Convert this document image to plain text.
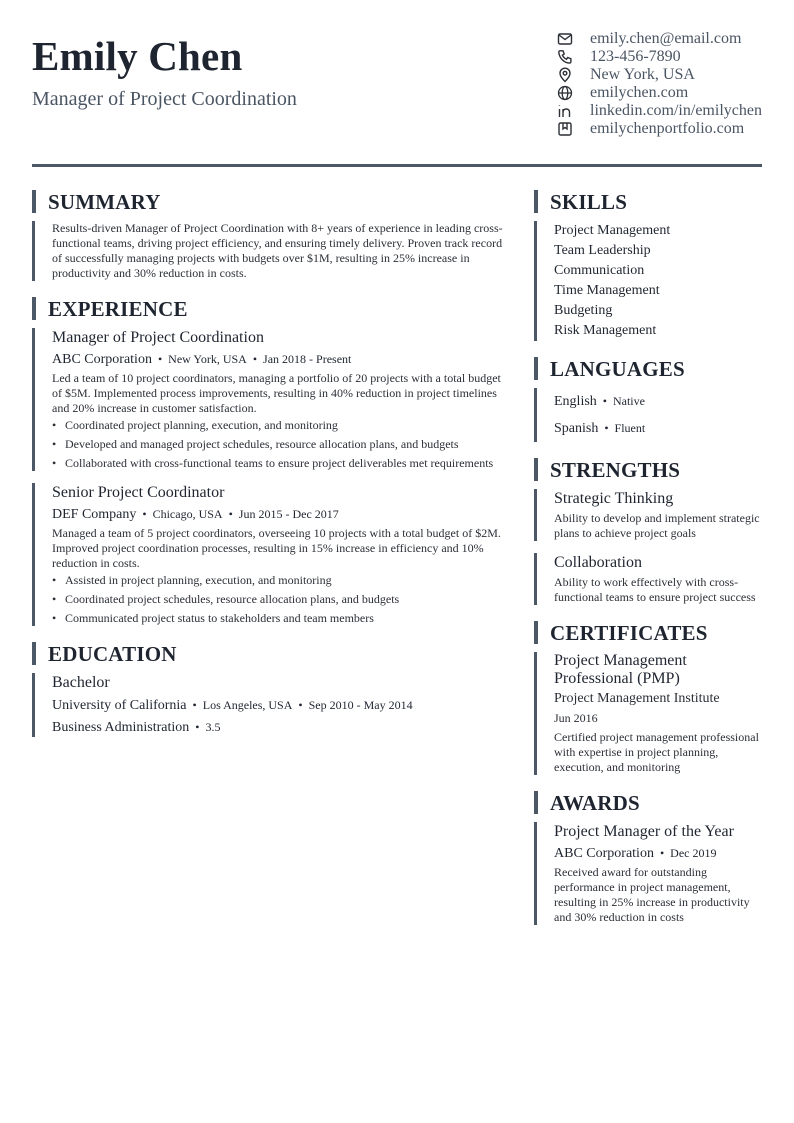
Emily Chen
Manager of Project Coordination
emily.chen@email.com
123-456-7890
New York, USA
emilychen.com
linkedin.com/in/emilychen
emilychenportfolio.com
SUMMARY
Results-driven Manager of Project Coordination with 8+ years of experience in leading cross-functional teams, driving project efficiency, and ensuring timely delivery. Proven track record of successfully managing projects with budgets over $1M, resulting in 25% increase in productivity and 30% reduction in costs.
EXPERIENCE
Manager of Project Coordination
ABC Corporation • New York, USA • Jan 2018 - Present
Led a team of 10 project coordinators, managing a portfolio of 20 projects with a total budget of $5M. Implemented process improvements, resulting in 40% reduction in project timelines and 20% increase in customer satisfaction.
• Coordinated project planning, execution, and monitoring
• Developed and managed project schedules, resource allocation plans, and budgets
• Collaborated with cross-functional teams to ensure project deliverables met requirements
Senior Project Coordinator
DEF Company • Chicago, USA • Jun 2015 - Dec 2017
Managed a team of 5 project coordinators, overseeing 10 projects with a total budget of $2M. Improved project coordination processes, resulting in 15% increase in efficiency and 10% reduction in costs.
• Assisted in project planning, execution, and monitoring
• Coordinated project schedules, resource allocation plans, and budgets
• Communicated project status to stakeholders and team members
EDUCATION
Bachelor
University of California • Los Angeles, USA • Sep 2010 - May 2014
Business Administration • 3.5
SKILLS
Project Management
Team Leadership
Communication
Time Management
Budgeting
Risk Management
LANGUAGES
English • Native
Spanish • Fluent
STRENGTHS
Strategic Thinking
Ability to develop and implement strategic plans to achieve project goals
Collaboration
Ability to work effectively with cross-functional teams to ensure project success
CERTIFICATES
Project Management Professional (PMP)
Project Management Institute
Jun 2016
Certified project management professional with expertise in project planning, execution, and monitoring
AWARDS
Project Manager of the Year
ABC Corporation • Dec 2019
Received award for outstanding performance in project management, resulting in 25% increase in productivity and 30% reduction in costs
